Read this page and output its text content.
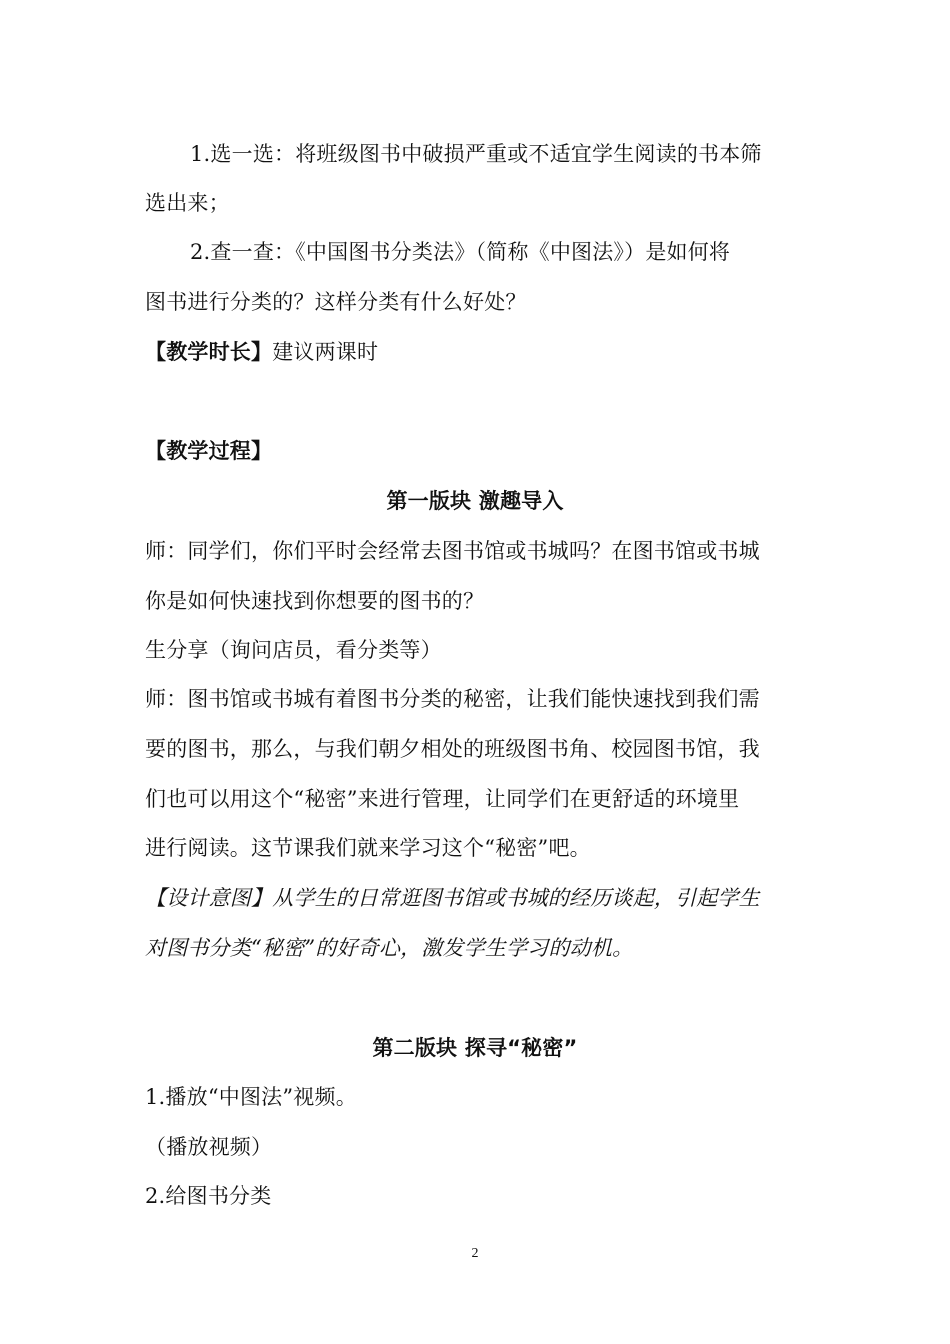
1.选一选：将班级图书中破损严重或不适宜学生阅读的书本筛
选出来；
2.查一查：《中国图书分类法》（简称《中图法》）是如何将
图书进行分类的？这样分类有什么好处？
【教学时长】建议两课时
【教学过程】
第一版块 激趣导入
师：同学们，你们平时会经常去图书馆或书城吗？在图书馆或书城
你是如何快速找到你想要的图书的？
生分享（询问店员，看分类等）
师：图书馆或书城有着图书分类的秘密，让我们能快速找到我们需
要的图书，那么，与我们朝夕相处的班级图书角、校园图书馆，我
们也可以用这个“秘密”来进行管理，让同学们在更舒适的环境里
进行阅读。这节课我们就来学习这个“秘密”吧。
【设计意图】从学生的日常逛图书馆或书城的经历谈起，引起学生
对图书分类“秘密”的好奇心，激发学生学习的动机。
第二版块 探寻“秘密”
1.播放“中图法”视频。
（播放视频）
2.给图书分类
2
